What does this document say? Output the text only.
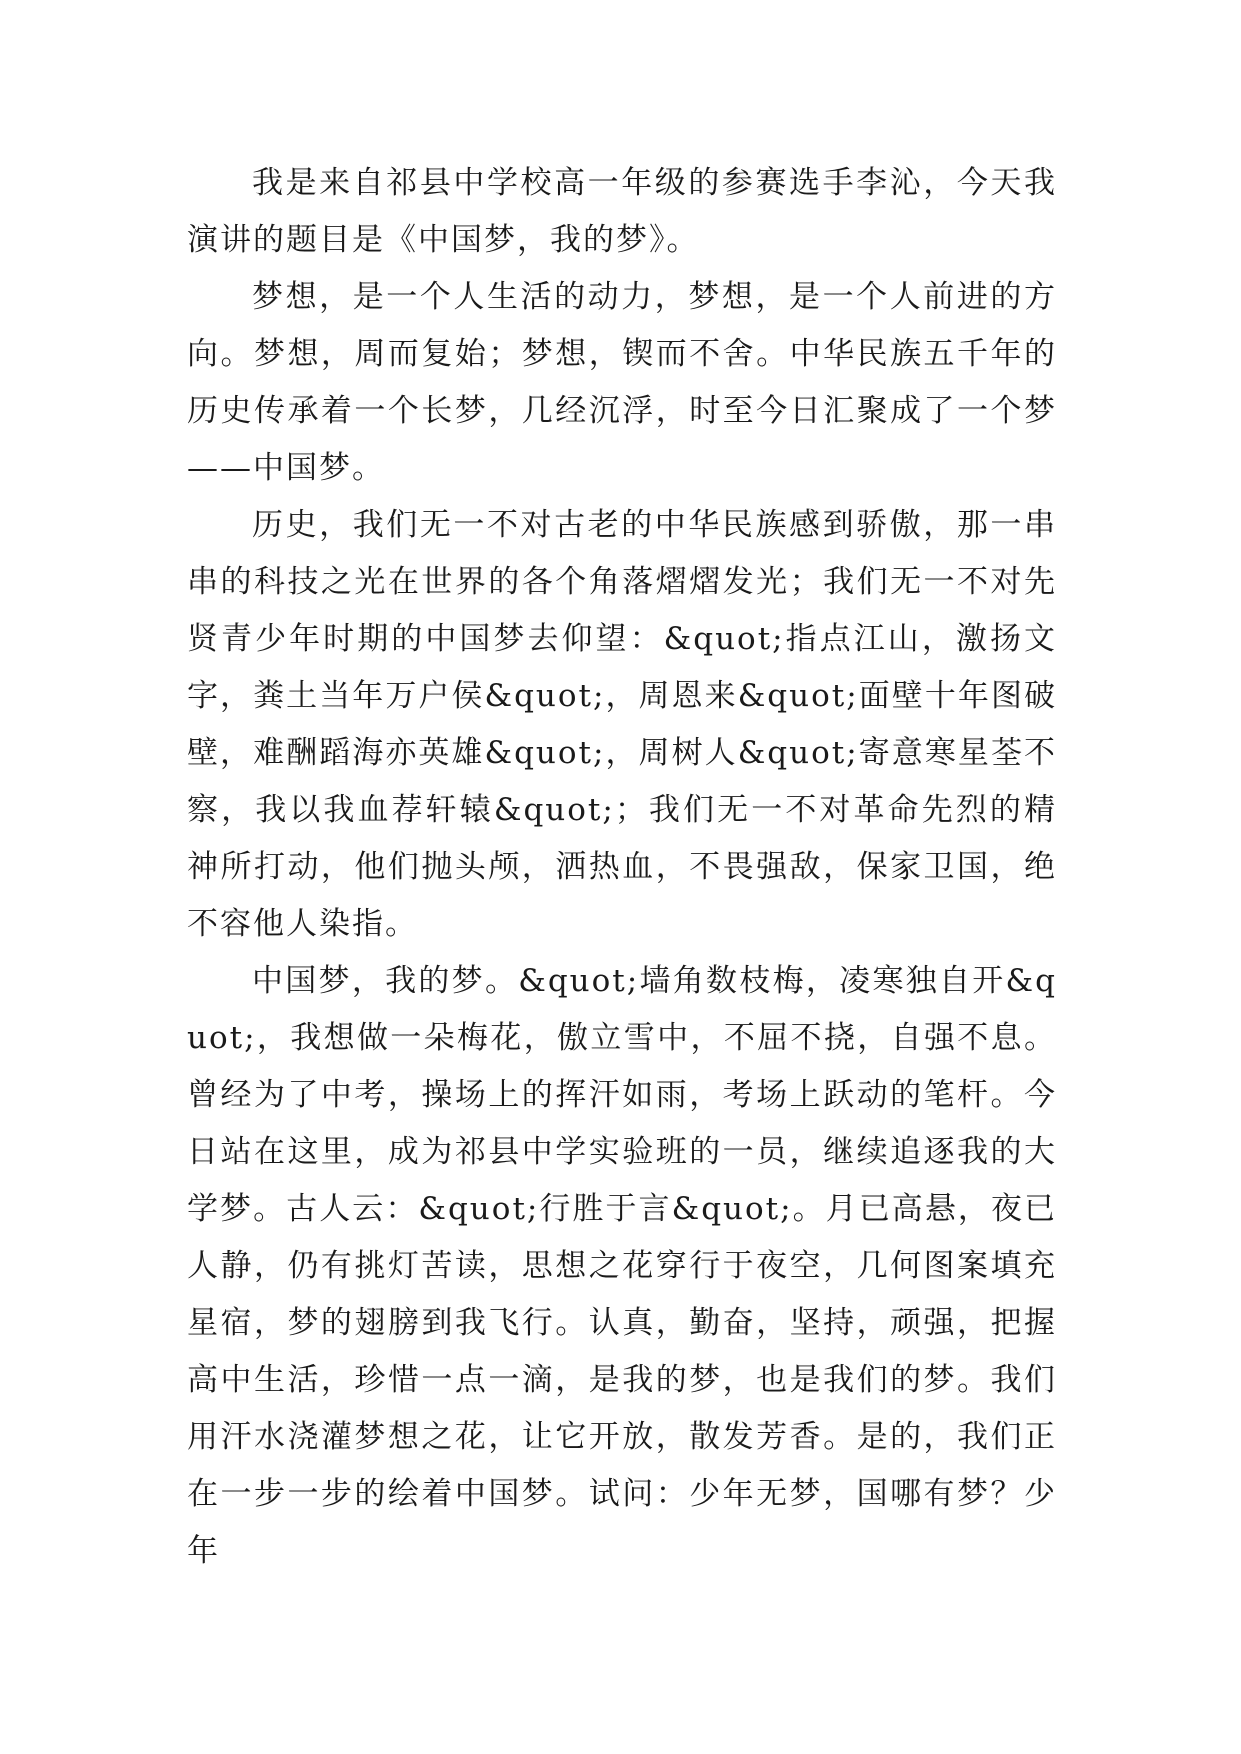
我是来自祁县中学校高一年级的参赛选手李沁，今天我演讲的题目是《中国梦，我的梦》。

梦想，是一个人生活的动力，梦想，是一个人前进的方向。梦想，周而复始；梦想，锲而不舍。中华民族五千年的历史传承着一个长梦，几经沉浮，时至今日汇聚成了一个梦——中国梦。

历史，我们无一不对古老的中华民族感到骄傲，那一串串的科技之光在世界的各个角落熠熠发光；我们无一不对先贤青少年时期的中国梦去仰望：&quot;指点江山，激扬文字，粪土当年万户侯&quot;，周恩来&quot;面壁十年图破壁，难酬蹈海亦英雄&quot;，周树人&quot;寄意寒星荃不察，我以我血荐轩辕&quot;；我们无一不对革命先烈的精神所打动，他们抛头颅，洒热血，不畏强敌，保家卫国，绝不容他人染指。

中国梦，我的梦。&quot;墙角数枝梅，凌寒独自开&quot;，我想做一朵梅花，傲立雪中，不屈不挠，自强不息。曾经为了中考，操场上的挥汗如雨，考场上跃动的笔杆。今日站在这里，成为祁县中学实验班的一员，继续追逐我的大学梦。古人云：&quot;行胜于言&quot;。月已高悬，夜已人静，仍有挑灯苦读，思想之花穿行于夜空，几何图案填充星宿，梦的翅膀到我飞行。认真，勤奋，坚持，顽强，把握高中生活，珍惜一点一滴，是我的梦，也是我们的梦。我们用汗水浇灌梦想之花，让它开放，散发芳香。是的，我们正在一步一步的绘着中国梦。试问：少年无梦，国哪有梦？少年
